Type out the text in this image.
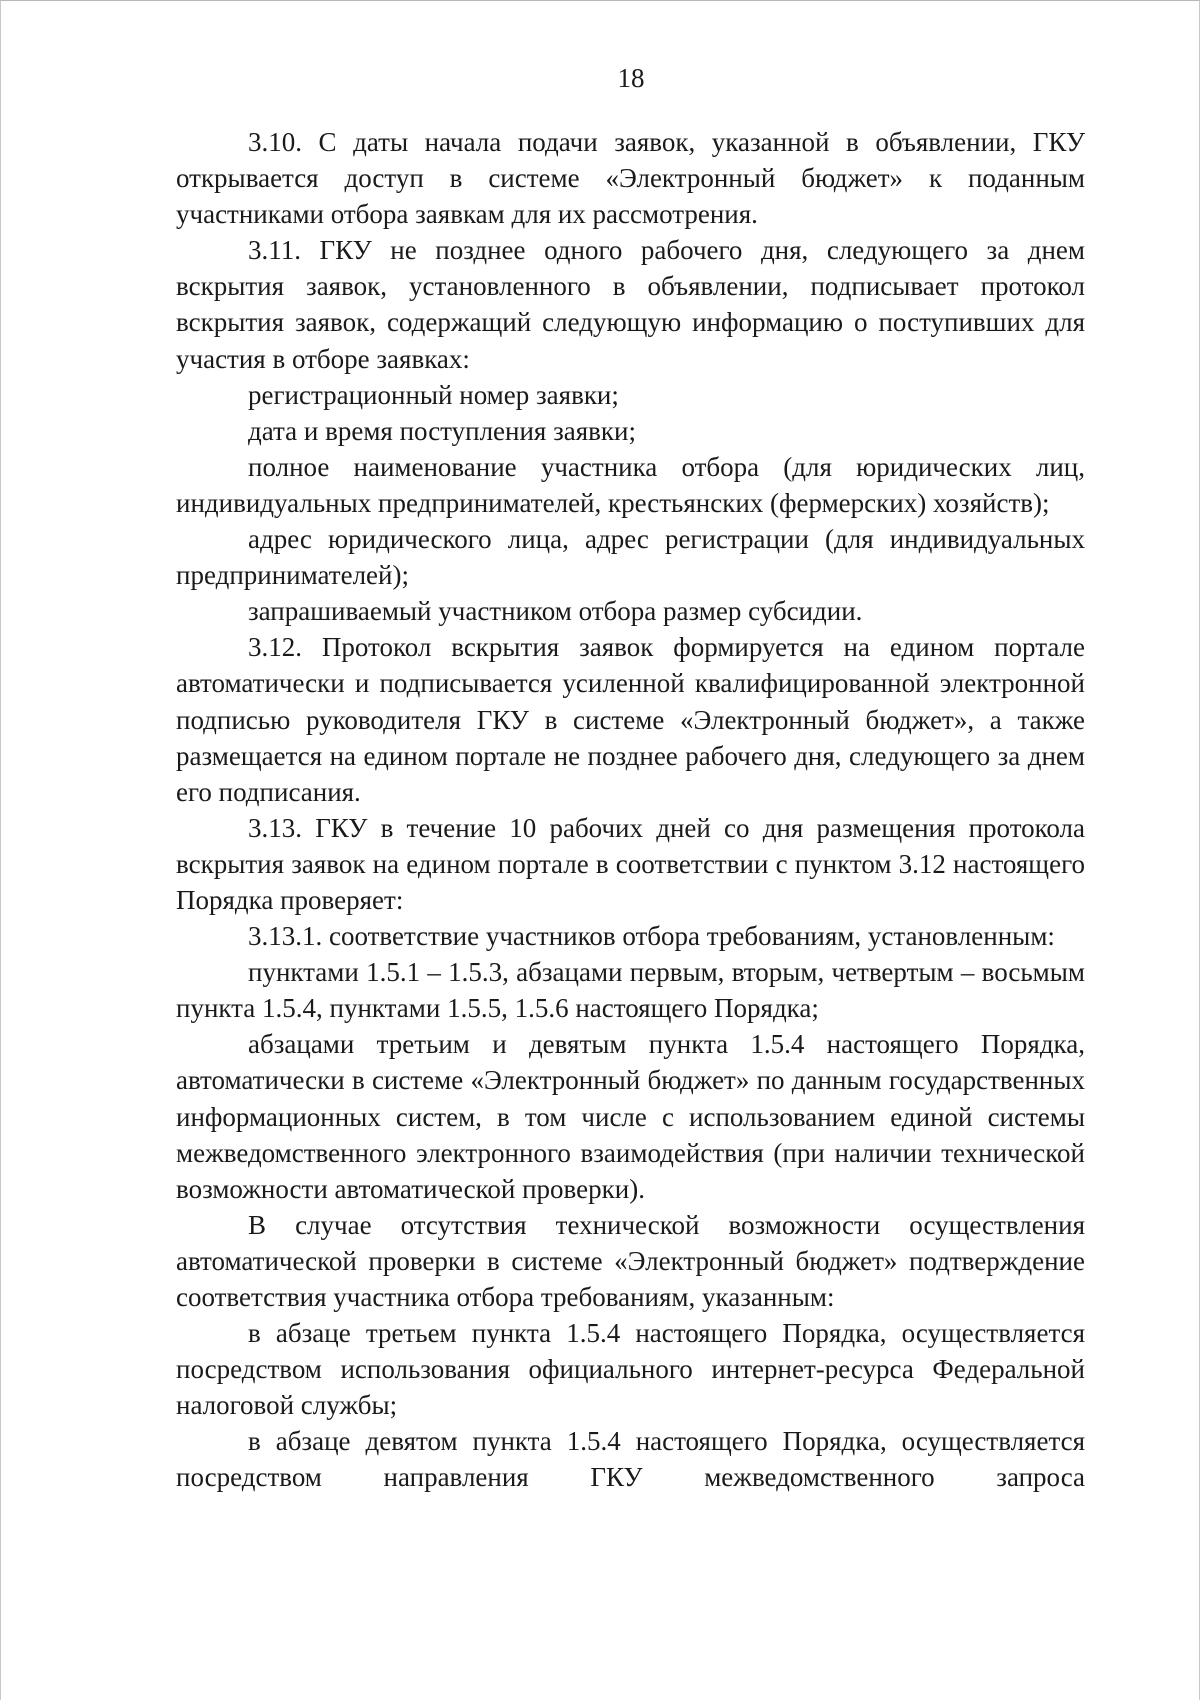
18

3.10. С даты начала подачи заявок, указанной в объявлении, ГКУ открывается доступ в системе «Электронный бюджет» к поданным участниками отбора заявкам для их рассмотрения.

3.11. ГКУ не позднее одного рабочего дня, следующего за днем вскрытия заявок, установленного в объявлении, подписывает протокол вскрытия заявок, содержащий следующую информацию о поступивших для участия в отборе заявках:

регистрационный номер заявки;

дата и время поступления заявки;

полное наименование участника отбора (для юридических лиц, индивидуальных предпринимателей, крестьянских (фермерских) хозяйств);

адрес юридического лица, адрес регистрации (для индивидуальных предпринимателей);

запрашиваемый участником отбора размер субсидии.

3.12. Протокол вскрытия заявок формируется на едином портале автоматически и подписывается усиленной квалифицированной электронной подписью руководителя ГКУ в системе «Электронный бюджет», а также размещается на едином портале не позднее рабочего дня, следующего за днем его подписания.

3.13. ГКУ в течение 10 рабочих дней со дня размещения протокола вскрытия заявок на едином портале в соответствии с пунктом 3.12 настоящего Порядка проверяет:

3.13.1. соответствие участников отбора требованиям, установленным:

пунктами 1.5.1 – 1.5.3, абзацами первым, вторым, четвертым – восьмым пункта 1.5.4, пунктами 1.5.5, 1.5.6 настоящего Порядка;

абзацами третьим и девятым пункта 1.5.4 настоящего Порядка, автоматически в системе «Электронный бюджет» по данным государственных информационных систем, в том числе с использованием единой системы межведомственного электронного взаимодействия (при наличии технической возможности автоматической проверки).

В случае отсутствия технической возможности осуществления автоматической проверки в системе «Электронный бюджет» подтверждение соответствия участника отбора требованиям, указанным:

в абзаце третьем пункта 1.5.4 настоящего Порядка, осуществляется посредством использования официального интернет-ресурса Федеральной налоговой службы;

в абзаце девятом пункта 1.5.4 настоящего Порядка, осуществляется посредством направления ГКУ межведомственного запроса
